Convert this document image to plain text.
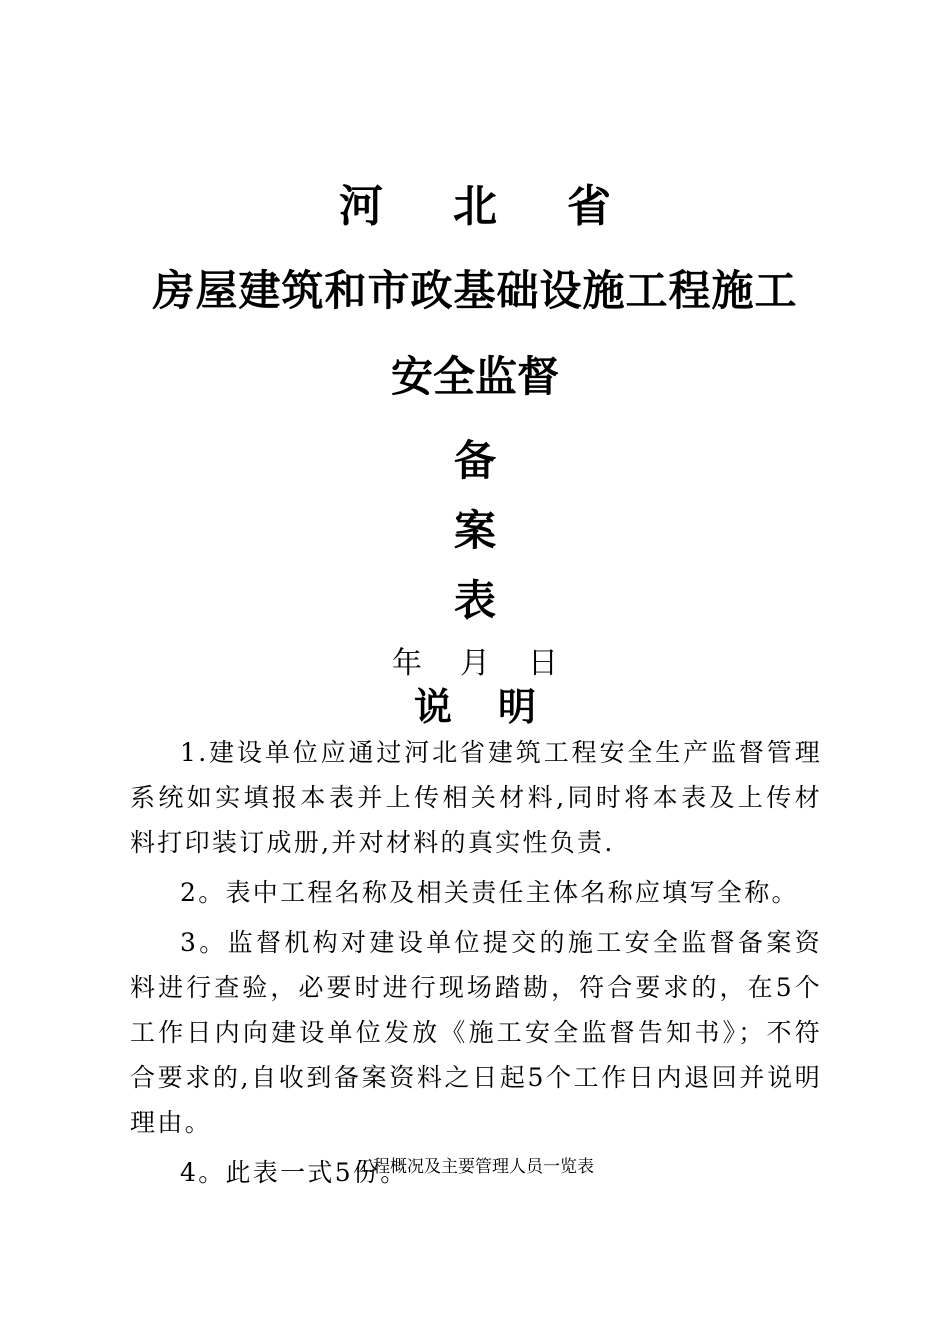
河北省
房屋建筑和市政基础设施工程施工
安全监督
备
案
表
年月日
说明

1.建设单位应通过河北省建筑工程安全生产监督管理系统如实填报本表并上传相关材料,同时将本表及上传材料打印装订成册,并对材料的真实性负责.

2。表中工程名称及相关责任主体名称应填写全称。

3。监督机构对建设单位提交的施工安全监督备案资料进行查验，必要时进行现场踏勘，符合要求的，在5个工作日内向建设单位发放《施工安全监督告知书》；不符合要求的,自收到备案资料之日起5个工作日内退回并说明理由。

4。此表一式5份。

工程概况及主要管理人员一览表
